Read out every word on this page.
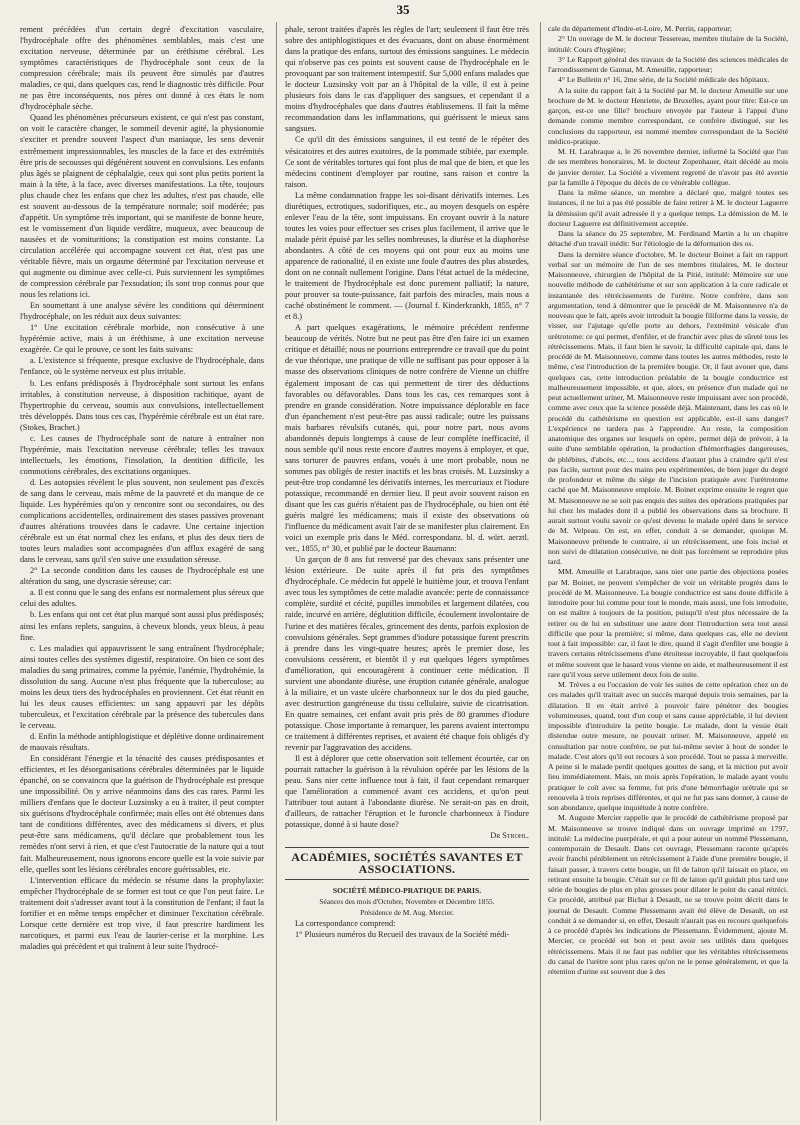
35

rement précédées d'un certain degré d'excitation vasculaire, l'hydrocéphale offre des phénomènes semblables, mais c'est une excitation nerveuse, déterminée par un éréthisme cérébral. Les symptômes caractéristiques de l'hydrocéphale sont ceux de la compression cérébrale; mais ils peuvent être simulés par d'autres maladies, ce qui, dans quelques cas, rend le diagnostic très difficile. Pour ne pas être inconséquents, nos pères ont donné à ces états le nom d'hydrocéphale sèche.

Quand les phénomènes précurseurs existent, ce qui n'est pas constant, on voit le caractère changer, le sommeil devenir agité, la physionomie s'exciter et prendre souvent l'aspect d'un maniaque, les sens devenir extrêmement impressionnables, les muscles de la face et des extrémités être pris de secousses qui dégénèrent souvent en convulsions. Les enfants plus âgés se plaignent de céphalalgie, ceux qui sont plus petits portent la main à la tête, à la face, avec diverses manifestations. La tête, toujours plus chaude chez les enfans que chez les adultes, n'est pas chaude, elle est souvent au-dessous de la température normale; soif modérée; pas d'appétit. Un symptôme très important, qui se manifeste de bonne heure, est le vomissement d'un liquide verdâtre, muqueux, avec beaucoup de nausées et de vomituritions; la constipation est moins constante. La circulation accélérée qui accompagne souvent cet état, n'est pas une véritable fièvre, mais un orgasme déterminé par l'excitation nerveuse et qui augmente ou diminue avec celle-ci. Puis surviennent les symptômes de compression cérébrale par l'exsudation; ils sont trop connus pour que nous les relations ici.

En soumettant à une analyse sévère les conditions qui déterminent l'hydrocéphale, on les réduit aux deux suivantes:

1° Une excitation cérébrale morbide, non consécutive à une hypérémie active, mais à un éréthisme, à une excitation nerveuse exagérée. Ce qui le prouve, ce sont les faits suivans:

a. L'existence si fréquente, presque exclusive de l'hydrocéphale, dans l'enfance, où le système nerveux est plus irritable.

b. Les enfans prédisposés à l'hydrocéphale sont surtout les enfans irritables, à constitution nerveuse, à disposition rachitique, ayant de l'hypertrophie du cerveau, soumis aux convulsions, intellectuellement très développés. Dans tous ces cas, l'hypérémie cérébrale est un état rare. (Stokes, Brachet.)

c. Les causes de l'hydrocéphale sont de nature à entraîner non l'hypérémie, mais l'excitation nerveuse cérébrale; telles les travaux intellectuels, les émotions, l'insolation, la dentition difficile, les commotions cérébrales, des excitations organiques.

d. Les autopsies révèlent le plus souvent, non seulement pas d'excès de sang dans le cerveau, mais même de la pauvreté et du manque de ce liquide. Les hypérémies qu'on y rencontre sont ou secondaires, ou des complications accidentelles, ordinairement des stases passives provenant d'autres altérations trouvées dans le cadavre. Une certaine injection cérébrale est un état normal chez les enfans, et plus des deux tiers de toutes leurs maladies sont accompagnées d'un afflux exagéré de sang dans le cerveau, sans qu'il s'en suive une exsudation séreuse.

2° La seconde condition dans les causes de l'hydrocéphale est une altération du sang, une dyscrasie séreuse; car:

a. Il est connu que le sang des enfans est normalement plus séreux que celui des adultes.

b. Les enfans qui ont cet état plus marqué sont aussi plus prédisposés; ainsi les enfans replets, sanguins, à cheveux blonds, yeux bleus, à peau fine.

c. Les maladies qui appauvrissent le sang entraînent l'hydrocéphale; ainsi toutes celles des systèmes digestif, respiratoire. On bien ce sont des maladies du sang primaires, comme la pyémie, l'anémie, l'hydrohémie, la dissolution du sang. Aucune n'est plus fréquente que la tuberculose; au moins les deux tiers des hydrocéphales en proviennent. Cet état réunit en lui les deux causes efficientes: un sang appauvri par les dépôts tuberculeux, et l'excitation cérébrale par la présence des tubercules dans le cerveau.

d. Enfin la méthode antiphlogistique et déplétive donne ordinairement de mauvais résultats.

En considérant l'énergie et la ténacité des causes prédisposantes et efficientes, et les désorganisations cérébrales déterminées par le liquide épanché, on se convaincra que la guérison de l'hydrocéphale est presque une impossibilité. On y arrive néanmoins dans des cas rares. Parmi les milliers d'enfans que le docteur Luzsinsky a eu à traiter, il peut compter six guérisons d'hydrocéphale confirmée; mais elles ont été obtenues dans tant de conditions différentes, avec des médicamens si divers, et plus peut-être sans médicamens, qu'il déclare que probablement tous les remèdes n'ont servi à rien, et que c'est l'autocratie de la nature qui a tout fait. Malheureusement, nous ignorons encore quelle est la voie suivie par elle, quelles sont les lésions cérébrales encore guérissables, etc.

L'intervention efficace du médecin se résume dans la prophylaxie: empêcher l'hydrocéphale de se former est tout ce que l'on peut faire. Le traitement doit s'adresser avant tout à la constitution de l'enfant; il faut la fortifier et en même temps empêcher et diminuer l'excitation cérébrale. Lorsque cette dernière est trop vive, il faut prescrire hardiment les narcotiques, et parmi eux l'eau de laurier-cerise et la morphine. Les maladies qui précèdent et qui traînent à leur suite l'hydrocé-

phale, seront traitées d'après les règles de l'art; seulement il faut être très sobre des antiphlogistiques et des évacuans, dont on abuse énormément dans la pratique des enfans, surtout des émissions sanguines. Le médecin qui n'observe pas ces points est souvent cause de l'hydrocéphale en le provoquant par son traitement intempestif. Sur 5,000 enfans malades que le docteur Luzsinsky voit par an à l'hôpital de la ville, il est à peine plusieurs fois dans le cas d'appliquer des sangsues, et cependant il a moins d'hydrocéphales que dans d'autres établissemens. Il fait la même recommandation dans les inflammations, qui guérissent le mieux sans sangsues.

Ce qu'il dit des émissions sanguines, il est tenté de le répéter des vésicatoires et des autres exutoires, de la pommade stibiée, par exemple. Ce sont de véritables tortures qui font plus de mal que de bien, et que les médecins continent d'employer par routine, sans raison et contre la raison.

La même condamnation frappe les soi-disant dérivatifs internes. Les diurétiques, ectrotiques, sudorifiques, etc., au moyen desquels on espère enlever l'eau de la tête, sont impuissans. En croyant ouvrir à la nature toutes les voies pour effectuer ses crises plus facilement, il arrive que le malade périt épuisé par les selles nombreuses, la diurèse et la diaphorèse abondantes. A côté de ces moyens qui ont pour eux au moins une apparence de rationalité, il en existe une foule d'autres des plus absurdes, dont on ne connaît nullement l'origine. Dans l'état actuel de la médecine, le traitement de l'hydrocéphale est donc purement palliatif; la nature, pour prouver sa toute-puissance, fait parfois des miracles, mais nous a caché obstinément le comment. — (Journal f. Kinderkrankh, 1855, n° 7 et 8.)

A part quelques exagérations, le mémoire précédent renferme beaucoup de vérités. Notre but ne peut pas être d'en faire ici un examen critique et détaillé; nous ne pourrions entreprendre ce travail que du point de vue théorique, une pratique de ville ne suffisant pas pour opposer à la masse des observations cliniques de notre confrère de Vienne un chiffre également imposant de cas qui permettent de tirer des déductions favorables ou défavorables. Dans tous les cas, ces remarques sont à prendre en grande considération. Notre impuissance déplorable en face d'un épanchement n'est peut-être pas aussi radicale; outre les puissans mais barbares révulsifs cutanés, qui, pour notre part, nous avons abandonnés depuis longtemps à cause de leur complète inefficacité, il nous semble qu'il nous reste encore d'autres moyens à employer, et que, sans torturer de pauvres enfans, voués à une mort probable, nous ne sommes pas obligés de rester inactifs et les bras croisés. M. Luzsinsky a peut-être trop condamné les dérivatifs internes, les mercuriaux et l'iodure potassique, recommandé en dernier lieu. Il peut avoir souvent raison en disant que les cas guéris n'étaient pas de l'hydrocéphale, ou bien ont été guéris malgré les médicamens; mais il existe des observations où l'influence du médicament avait l'air de se manifester plus clairement. En voici un exemple pris dans le Méd. correspondanz. bl. d. würt. aerztl. ver., 1855, n° 30, et publié par le docteur Baumann:

Un garçon de 8 ans fut renversé par des chevaux sans présenter une lésion extérieure. De suite après il fut pris des symptômes d'hydrocéphale. Ce médecin fut appelé le huitième jour, et trouva l'enfant avec tous les symptômes de cette maladie avancée: perte de connaissance complète, surdité et cécité, pupilles immobiles et largement dilatées, cou raide, incurvé en arrière, déglutition difficile, écoulement involontaire de l'urine et des matières fécales, grincement des dents, parfois explosion de convulsions générales. Sept grammes d'iodure potassique furent prescrits à prendre dans les vingt-quatre heures; après le premier dose, les convulsions cessèrent, et bientôt il y eut quelques légers symptômes d'amélioration, qui encouragèrent à continuer cette médication. Il survient une abondante diurèse, une éruption cutanée générale, analogue à la miliaire, et un vaste ulcère charbonneux sur le dos du pied gauche, avec destruction gangréneuse du tissu cellulaire, suivie de cicatrisation. En quatre semaines, cet enfant avait pris près de 80 grammes d'iodure potassique. Chose importante à remarquer, les parens avaient interrompu ce traitement à différentes reprises, et avaient été chaque fois obligés d'y revenir par l'aggravation des accidens.

Il est à déplorer que cette observation soit tellement écourtée, car on pourrait rattacher la guérison à la révulsion opérée par les lésions de la peau. Sans nier cette influence tout à fait, il faut cependant remarquer que l'amélioration a commencé avant ces accidens, et qu'on peut l'attribuer tout autant à l'abondante diurèse. Ne serait-on pas en droit, d'ailleurs, de rattacher l'éruption et le furoncle charbonneux à l'iodure potassique, donné à si haute dose?

Dr Strohl.

ACADÉMIES, SOCIÉTÉS SAVANTES ET ASSOCIATIONS.

SOCIÉTÉ MÉDICO-PRATIQUE DE PARIS.

Séances des mois d'Octobre, Novembre et Décembre 1855.

Présidence de M. Aug. Mercier.

La correspondance comprend:

1° Plusieurs numéros du Recueil des travaux de la Société médi-

cale du département d'Indre-et-Loire, M. Perrin, rapporteur;

2° Un ouvrage de M. le docteur Tessereau, membre titulaire de la Société, intitulé: Cours d'hygiène;

3° Le Rapport général des travaux de la Société des sciences médicales de l'arrondissement de Gannat, M. Ameuille, rapporteur;

4° Le Bulletin n° 16, 2me série, de la Société médicale des hôpitaux.

A la suite du rapport fait à la Société par M. le docteur Ameuille sur une brochure de M. le docteur Henriette, de Bruxelles, ayant pour titre: Est-ce un garçon, est-ce une fille? brochure envoyée par l'auteur à l'appui d'une demande comme membre correspondant, ce confrère distingué, sur les conclusions du rapporteur, est nommé membre correspondant de la Société médico-pratique.

M. H. Larabraque a, le 26 novembre dernier, informé la Société que l'un de ses membres honoraires, M. le docteur Zopenhauer, était décédé au mois de janvier dernier. La Société a vivement regretté de n'avoir pas été avertie par la famille à l'époque du décès de ce vénérable collègue.

Dans la même séance, un membre a déclaré que, malgré toutes ses instances, il ne lui a pas été possible de faire retirer à M. le docteur Laguerre la démission qu'il avait adressée il y a quelque temps. La démission de M. le docteur Laguerre est définitivement acceptée.

Dans la séance du 25 septembre, M. Ferdinand Martin a lu un chapitre détaché d'un travail inédit: Sur l'étiologie de la déformation des os.

Dans la dernière séance d'octobre, M. le docteur Boinet a fait un rapport verbal sur un mémoire de l'un de ses membres titulaires, M. le docteur Maisonneuve, chirurgien de l'hôpital de la Pitié, intitulé: Mémoire sur une nouvelle méthode de cathétérisme et sur son application à la cure radicale et instantanée des rétrécissements de l'urètre. Notre confrère, dans son argumentation, tend à démontrer que le procédé de M. Maisonneuve n'a de nouveau que le fait, après avoir introduit la bougie filiforme dans la vessie, de visser, sur l'ajutage qu'elle porte au dehors, l'extrémité vésicale d'un urétrotome: ce qui permet, d'enfiler, et de franchir avec plus de sûreté tous les rétrécissemens. Mais, il faut bien le savoir, la difficulté capitale qui, dans le procédé de M. Maisonneuve, comme dans toutes les autres méthodes, reste le même, c'est l'introduction de la première bougie. Or, il faut avouer que, dans quelques cas, cette introduction préalable de la bougie conductrice est malheureusement impossible, et que, alors, en présence d'un malade qui ne peut actuellement uriner, M. Maisonneuve reste impuissant avec son procédé, comme avec ceux que la science possède déjà. Maintenant, dans les cas où le procédé du cathétérisme en question est applicable, est-il sans danger? L'expérience ne tardera pas à l'apprendre. Au reste, la composition anatomique des organes sur lesquels on opère, permet déjà de prévoir, à la suite d'une semblable opération, la production d'hémorrhagies dangereuses, de phlébites, d'abcès, etc..., tous accidens d'autant plus à craindre qu'il n'est pas facile, surtout pour des mains peu expérimentées, de bien juger du degré de profondeur et même du siège de l'incision pratiquée avec l'urétrotome caché que M. Maisonneuve emploie. M. Boinet exprime ensuite le regret que M. Maisonneuve ne se soit pas enquis des suites des opérations pratiquées par lui chez les malades dont il a publié les observations dans sa brochure. Il aurait surtout voulu savoir ce qu'est devenu le malade opéré dans le service de M. Velpeau. On est, en effet, conduit à se demander, quoique M. Maisonneuve prétende le contraire, si un rétrécissement, une fois incisé et non suivi de dilatation consécutive, ne doit pas forcément se reproduire plus tard.

MM. Ameuille et Larabraque, sans nier une partie des objections posées par M. Boinet, ne peuvent s'empêcher de voir un véritable progrès dans le procédé de M. Maisonneuve. La bougie conductrice est sans doute difficile à introduire pour lui comme pour tout le monde, mais aussi, une fois introduite, on est maître à toujours de la position, puisqu'il n'est plus nécessaire de la retirer ou de lui en substituer une autre dont l'introduction sera tout aussi difficile que pour la première; si même, dans quelques cas, elle ne devient tout à fait impossible: car, il faut le dire, quand il s'agit d'enfiler une bougie à travers certains rétrécissemens d'une étroitesse incroyable, il faut quelquefois et même souvent que le hasard vous vienne en aide, et malheureusement il est rare qu'il vous serve utilement deux fois de suite.

M. Trèves a eu l'occasion de voir les suites de cette opération chez un de ces malades qu'il traitait avec un succès marqué depuis trois semaines, par la dilatation. Il en était arrivé à pouvoir faire pénétrer des bougies volumineuses, quand, tout d'un coup et sans cause appréciable, il lui devient impossible d'introduire la petite bougie. Le malade, dont la vessie était distendue outre mesure, ne pouvait uriner. M. Maisonneuve, appelé en consultation par notre confrère, ne put lui-même sevier à bout de sonder le malade. C'est alors qu'il eut recours à son procédé. Tout se passa à merveille. A peine si le malade perdit quelques gouttes de sang, et la miction put avoir lieu immédiatement. Mais, un mois après l'opération, le malade ayant voulu pratiquer le coït avec sa femme, fut pris d'une hémorrhagie urétrale qui se renouvela à trois reprises différentes, et qui ne fut pas sans donner, à cause de son abondance, quelque inquiétude à notre confrère.

M. Auguste Mercier rappelle que le procédé de cathétérisme proposé par M. Maisonneuve se trouve indiqué dans un ouvrage imprimé en 1797, intitulé: La médecine puerpérale, et qui a pour auteur un nommé Plessemann, contemporain de Desault. Dans cet ouvrage, Plessemann raconte qu'après avoir franchi péniblement un rétrécissement à l'aide d'une première bougie, il faisait passer, à travers cette bougie, un fil de laiton qu'il laissait en place, en retirant ensuite la bougie. C'était sur ce fil de laiton qu'il guidait plus tard une série de bougies de plus en plus grosses pour dilater le point du canal rétréci. Ce procédé, attribué par Bichat à Desault, ne se trouve point décrit dans le journal de Desault. Comme Plessemann avait été élève de Desault, on est conduit à se demander si, en effet, Desault n'aurait pas eu recours quelquefois à ce procédé d'après les indications de Plessemann. Évidemment, ajoute M. Mercier, ce procédé est bon et peut avoir ses utilités dans quelques rétrécissemens. Mais il ne faut pas oublier que les véritables rétrécissemens du canal de l'urètre sont plus rares qu'on ne le pense généralement, et que la rétention d'urine est souvent due à des
